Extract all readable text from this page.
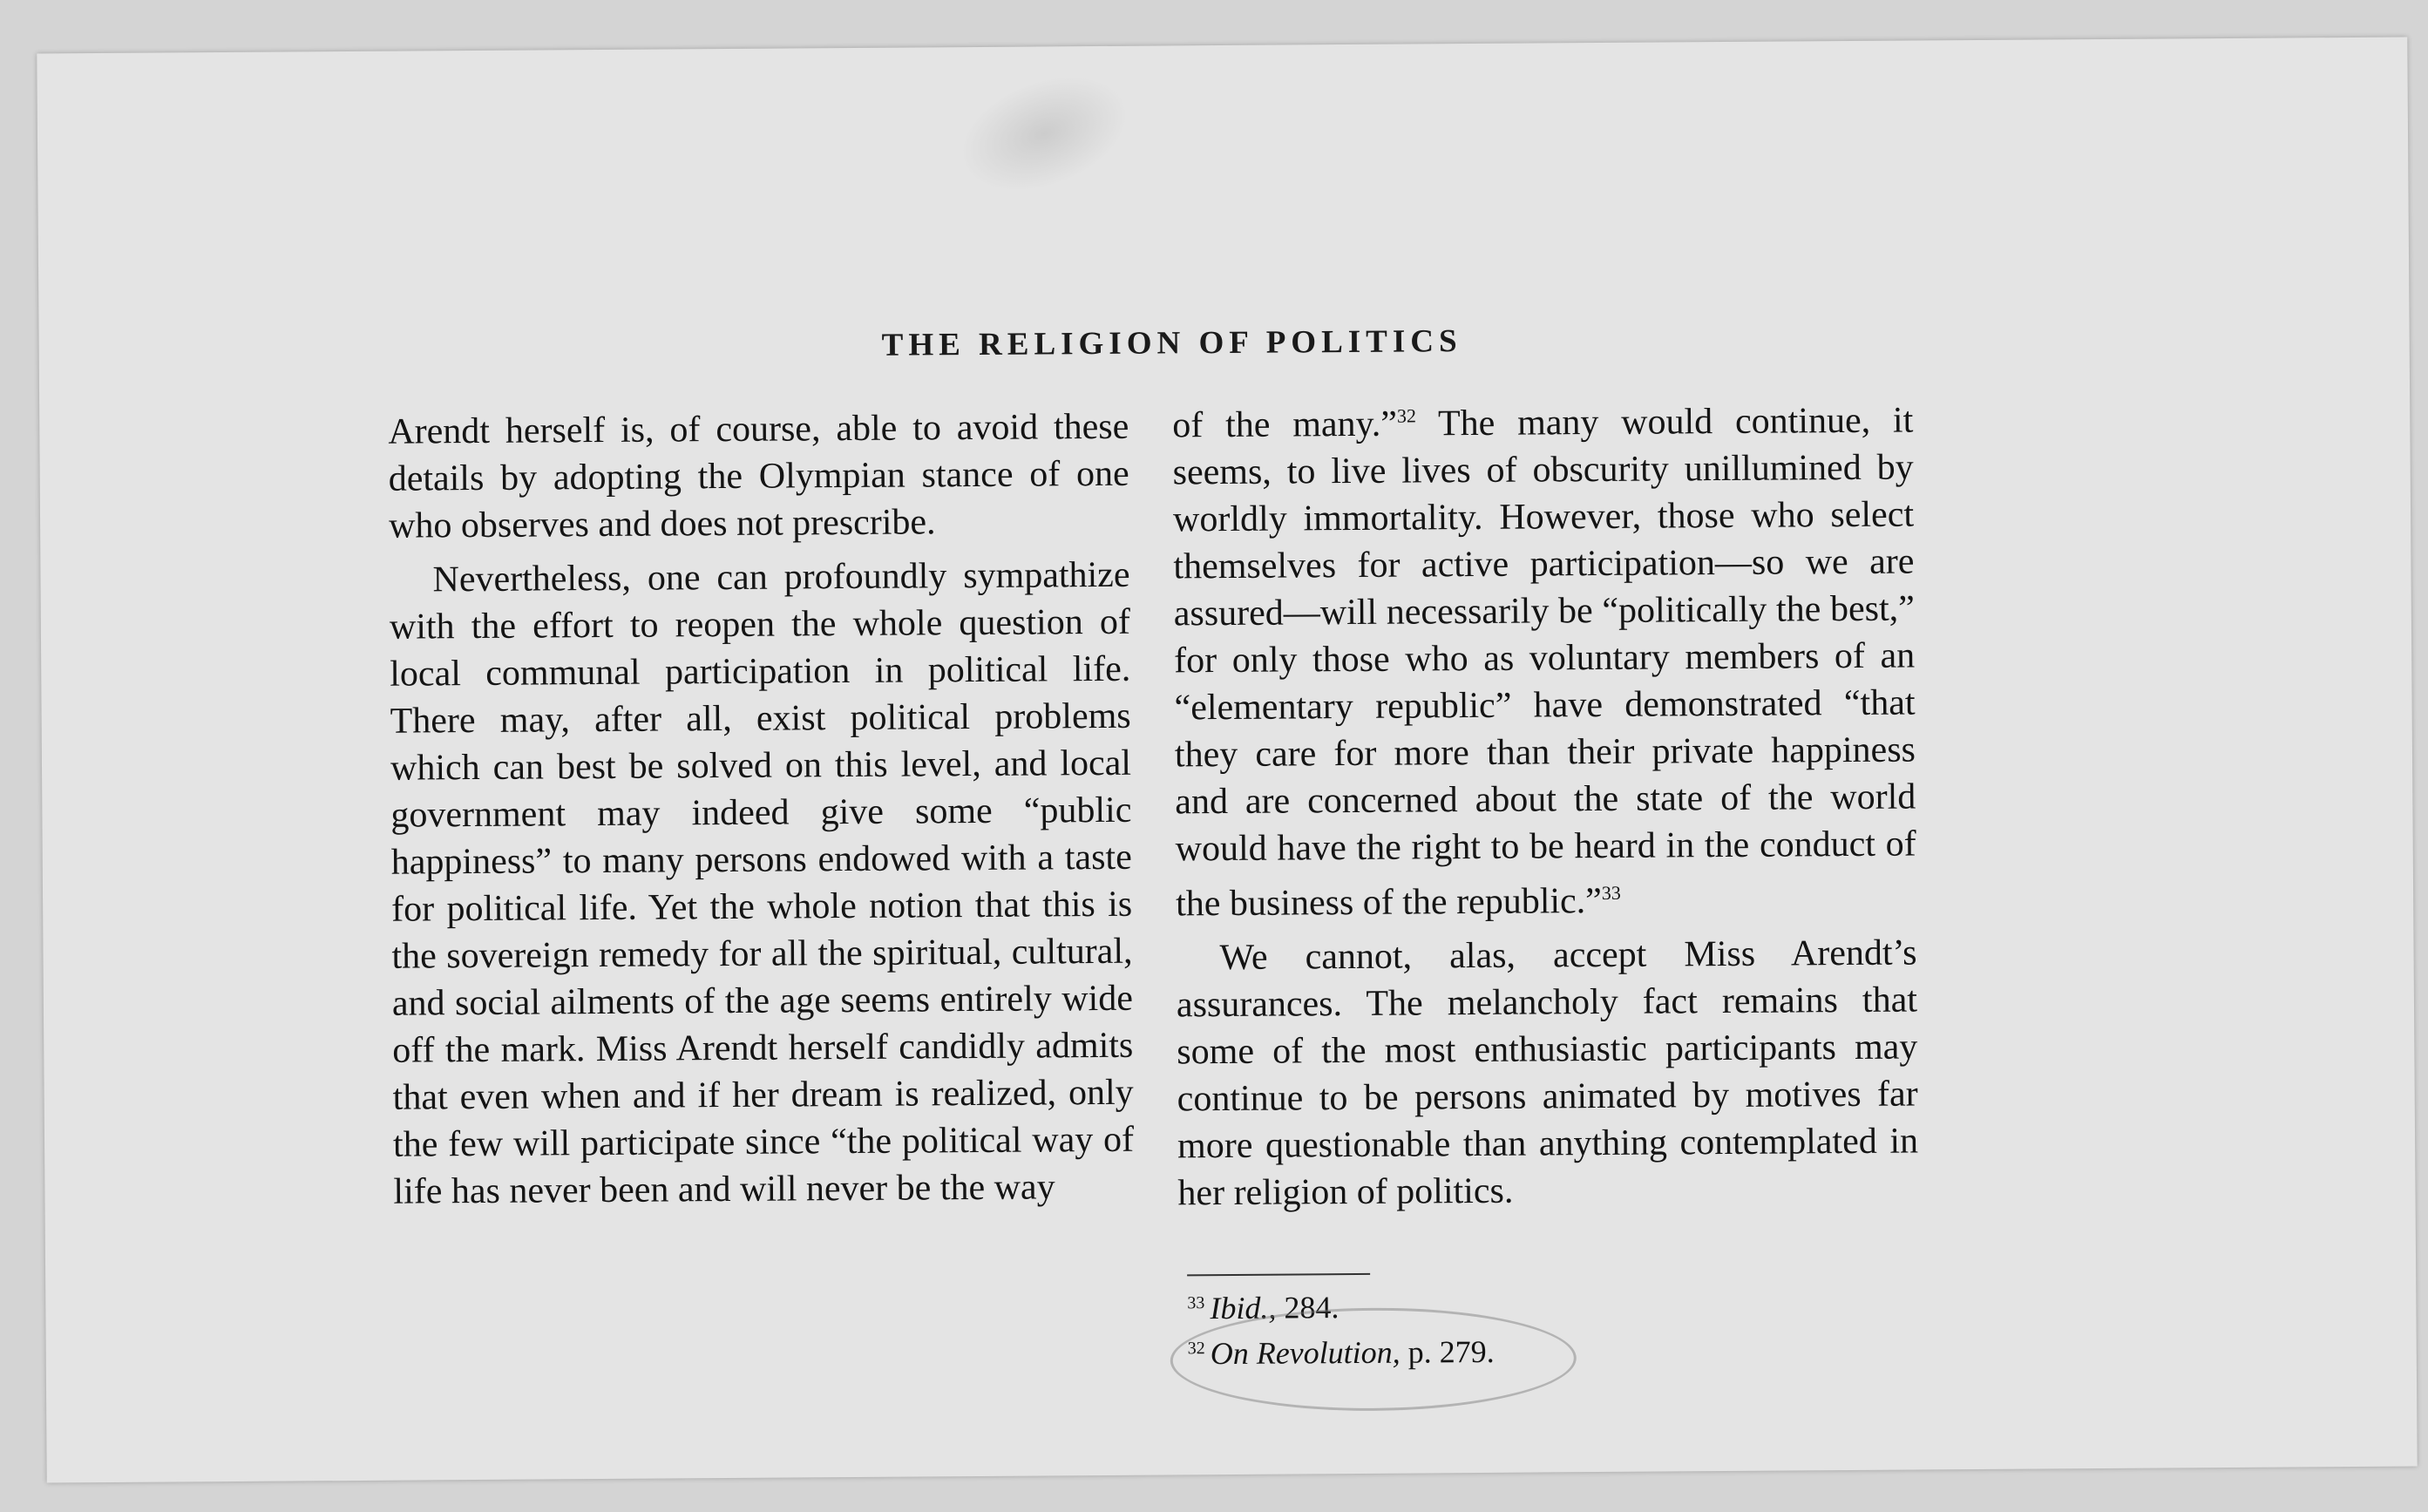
THE RELIGION OF POLITICS

Arendt herself is, of course, able to avoid these details by adopting the Olympian stance of one who observes and does not prescribe.

Nevertheless, one can profoundly sympathize with the effort to reopen the whole question of local communal participation in political life. There may, after all, exist political problems which can best be solved on this level, and local government may indeed give some “public happiness” to many persons endowed with a taste for political life. Yet the whole notion that this is the sovereign remedy for all the spiritual, cultural, and social ailments of the age seems entirely wide off the mark. Miss Arendt herself candidly admits that even when and if her dream is realized, only the few will participate since “the political way of life has never been and will never be the way

of the many.”$^{32}$ The many would continue, it seems, to live lives of obscurity unillumined by worldly immortality. However, those who select themselves for active participation—so we are assured—will necessarily be “politically the best,” for only those who as voluntary members of an “elementary republic” have demonstrated “that they care for more than their private happiness and are concerned about the state of the world would have the right to be heard in the conduct of the business of the republic.”$^{33}$

We cannot, alas, accept Miss Arendt’s assurances. The melancholy fact remains that some of the most enthusiastic participants may continue to be persons animated by motives far more questionable than anything contemplated in her religion of politics.

$^{33}$ Ibid., 284.
$^{32}$ On Revolution, p. 279.
